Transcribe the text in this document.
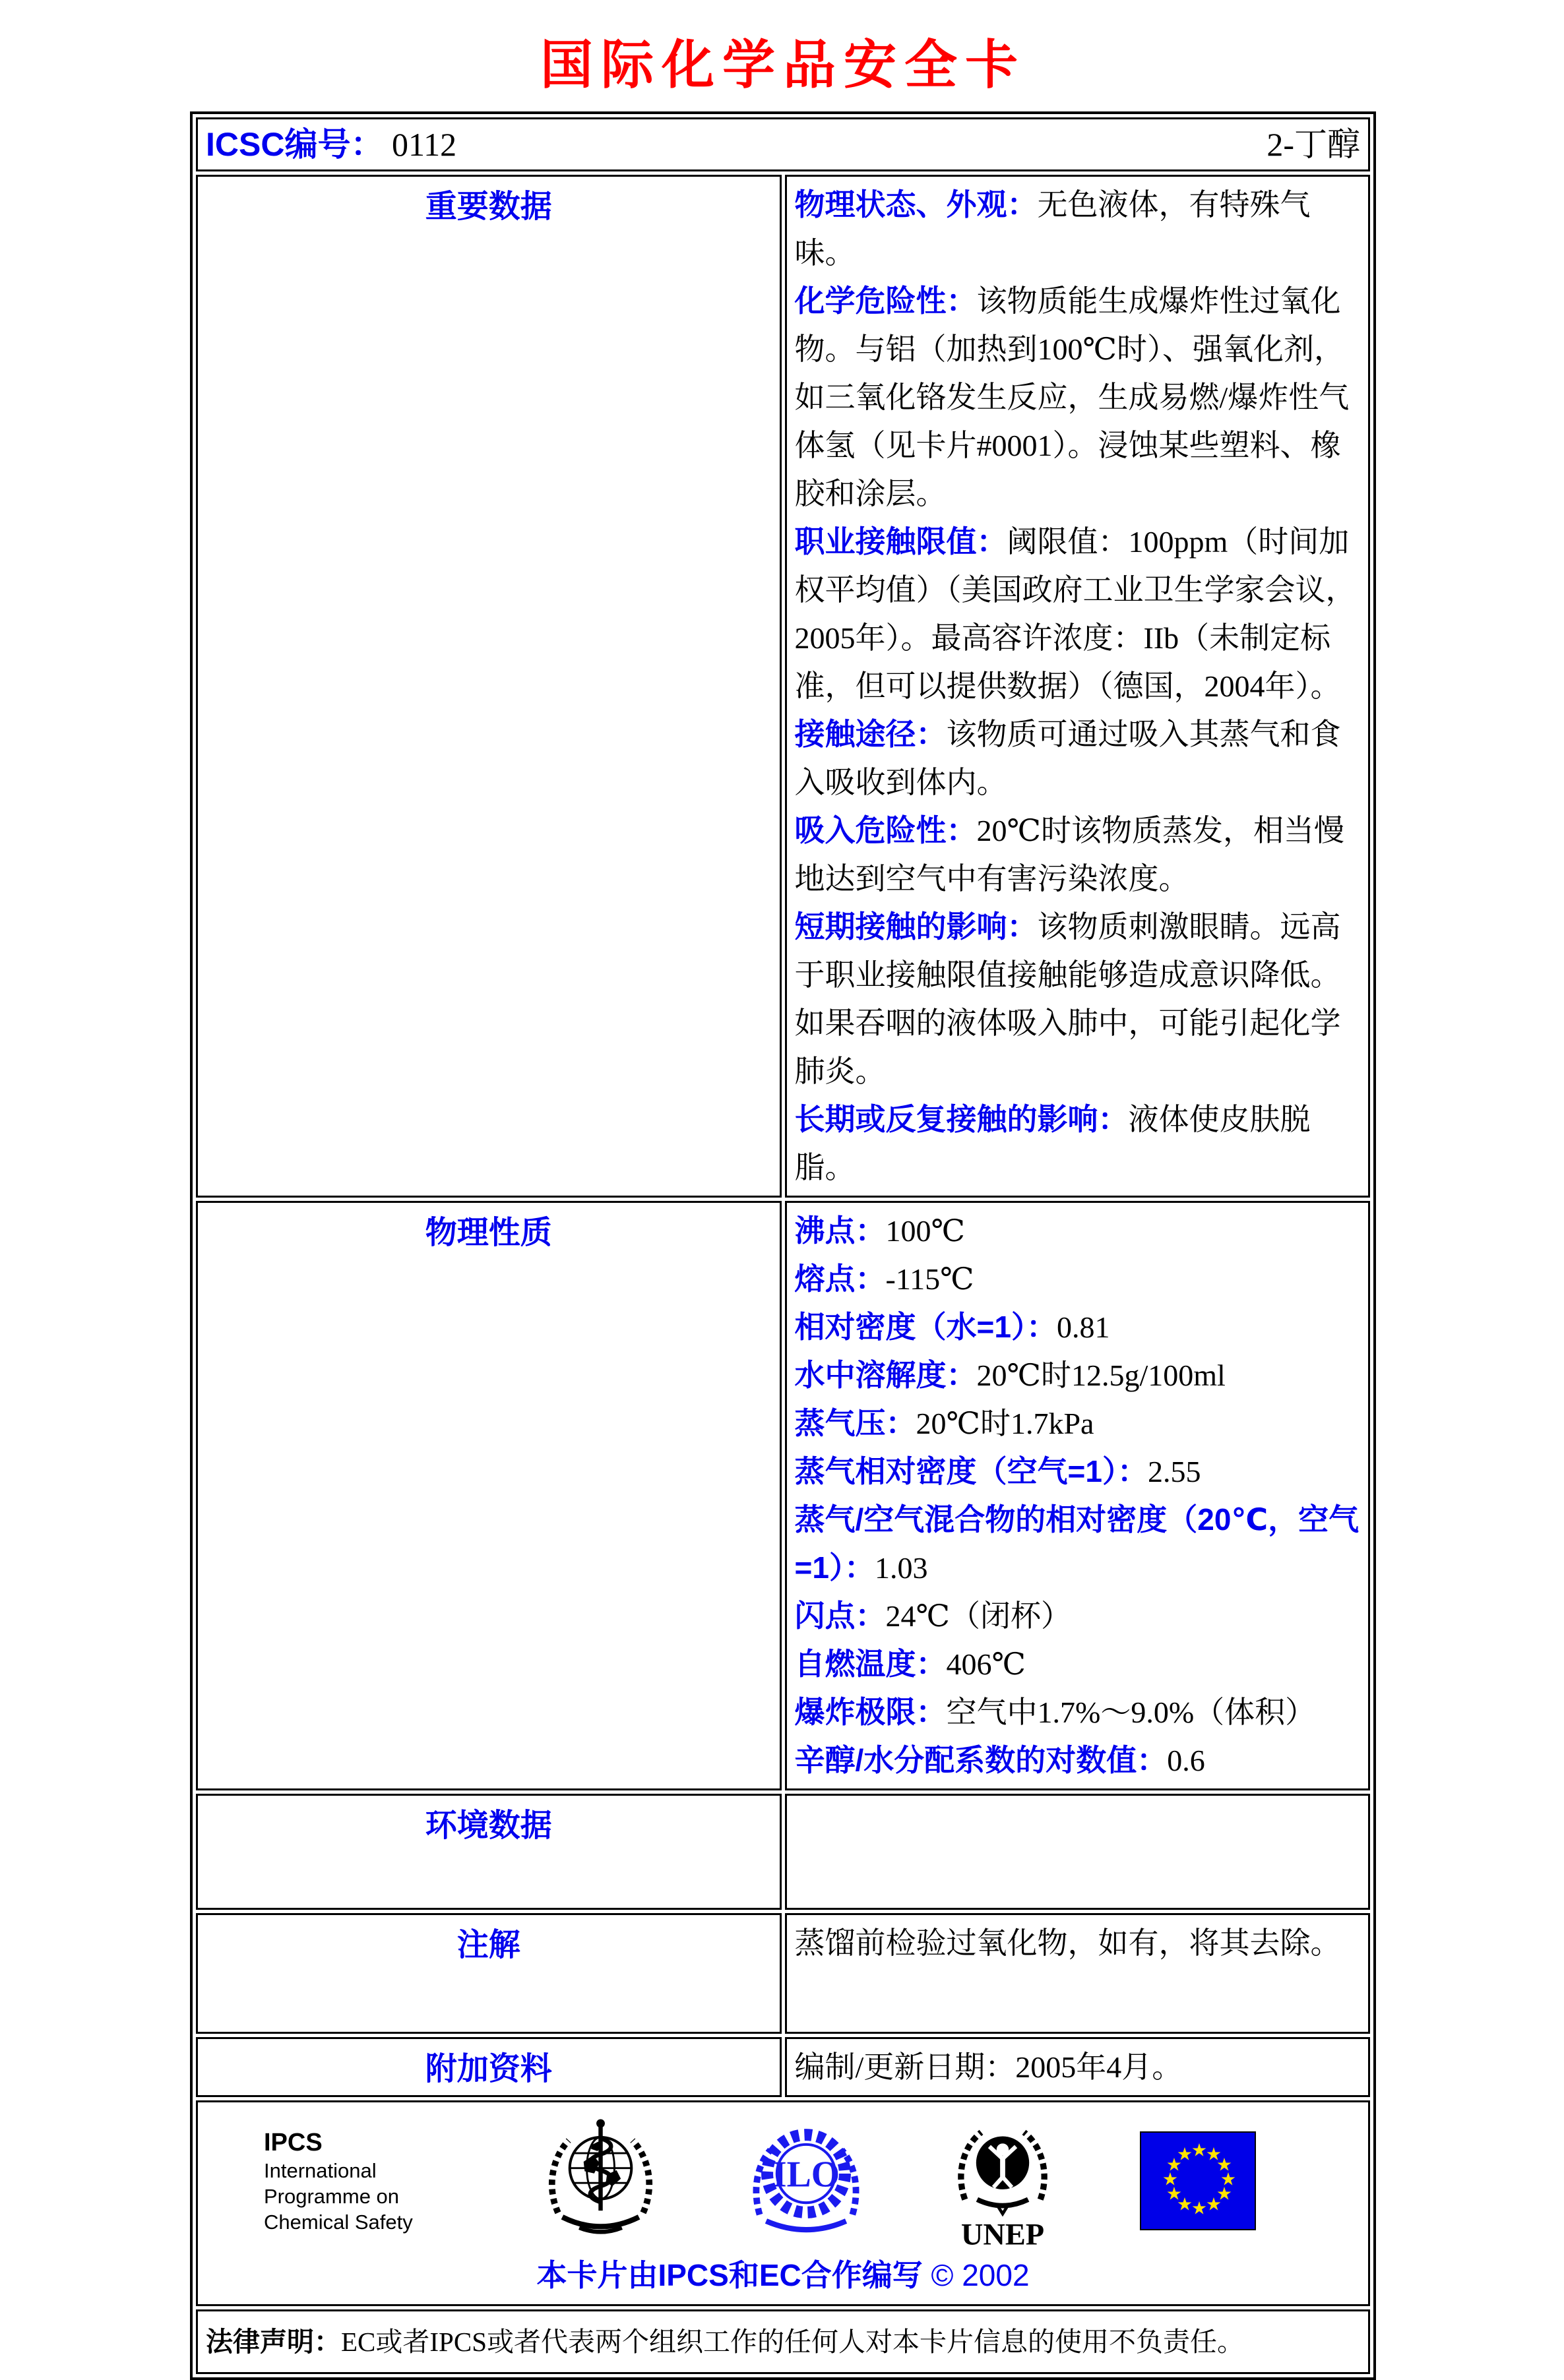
国际化学品安全卡
ICSC编号： 0112 2-丁醇	

重要数据	物理状态、外观：无色液体，有特殊气味。

化学危险性：该物质能生成爆炸性过氧化物。与铝（加热到100℃时）、强氧化剂，如三氧化铬发生反应，生成易燃/爆炸性气体氢（见卡片#0001）。浸蚀某些塑料、橡胶和涂层。

职业接触限值：阈限值：100ppm（时间加权平均值）（美国政府工业卫生学家会议，2005年）。最高容许浓度：IIb（未制定标准，但可以提供数据）（德国，2004年）。

接触途径：该物质可通过吸入其蒸气和食入吸收到体内。

吸入危险性：20℃时该物质蒸发，相当慢地达到空气中有害污染浓度。

短期接触的影响：该物质刺激眼睛。远高于职业接触限值接触能够造成意识降低。如果吞咽的液体吸入肺中，可能引起化学肺炎。

长期或反复接触的影响：液体使皮肤脱脂。

物理性质	沸点：100℃

熔点：-115℃

相对密度（水=1）：0.81

水中溶解度：20℃时12.5g/100ml

蒸气压：20℃时1.7kPa

蒸气相对密度（空气=1）：2.55

蒸气/空气混合物的相对密度（20℃，空气=1）：1.03

闪点：24℃（闭杯）

自燃温度：406℃

爆炸极限：空气中1.7%～9.0%（体积）

辛醇/水分配系数的对数值：0.6

环境数据	

注解	蒸馏前检验过氧化物，如有，将其去除。

附加资料	编制/更新日期：2005年4月。

IPCS
International
Programme on
Chemical Safety
ILO
UNEP
★
★
★
★
★
★
★
★
★
★
★
★
本卡片由IPCS和EC合作编写 © 2002

法律声明：EC或者IPCS或者代表两个组织工作的任何人对本卡片信息的使用不负责任。	
